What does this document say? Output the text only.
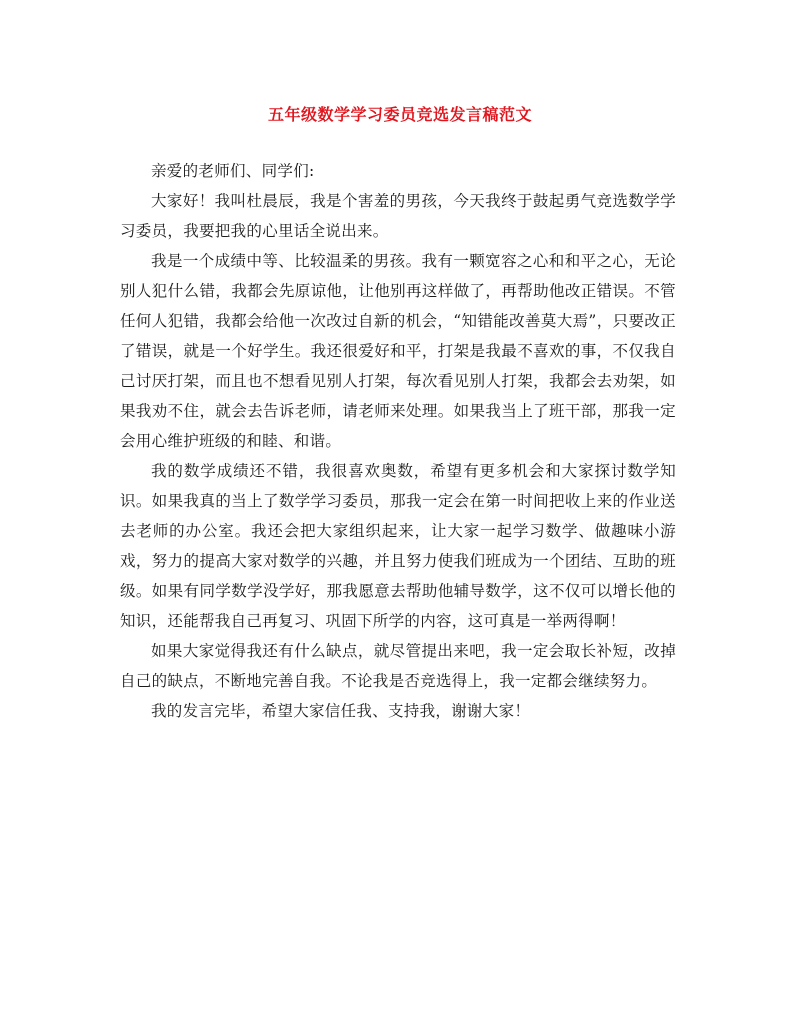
五年级数学学习委员竞选发言稿范文

亲爱的老师们、同学们:

大家好！我叫杜晨辰，我是个害羞的男孩，今天我终于鼓起勇气竞选数学学习委员，我要把我的心里话全说出来。

我是一个成绩中等、比较温柔的男孩。我有一颗宽容之心和和平之心，无论别人犯什么错，我都会先原谅他，让他别再这样做了，再帮助他改正错误。不管任何人犯错，我都会给他一次改过自新的机会，“知错能改善莫大焉”，只要改正了错误，就是一个好学生。我还很爱好和平，打架是我最不喜欢的事，不仅我自己讨厌打架，而且也不想看见别人打架，每次看见别人打架，我都会去劝架，如果我劝不住，就会去告诉老师，请老师来处理。如果我当上了班干部，那我一定会用心维护班级的和睦、和谐。

我的数学成绩还不错，我很喜欢奥数，希望有更多机会和大家探讨数学知识。如果我真的当上了数学学习委员，那我一定会在第一时间把收上来的作业送去老师的办公室。我还会把大家组织起来，让大家一起学习数学、做趣味小游戏，努力的提高大家对数学的兴趣，并且努力使我们班成为一个团结、互助的班级。如果有同学数学没学好，那我愿意去帮助他辅导数学，这不仅可以增长他的知识，还能帮我自己再复习、巩固下所学的内容，这可真是一举两得啊！

如果大家觉得我还有什么缺点，就尽管提出来吧，我一定会取长补短，改掉自己的缺点，不断地完善自我。不论我是否竞选得上，我一定都会继续努力。

我的发言完毕，希望大家信任我、支持我，谢谢大家！
